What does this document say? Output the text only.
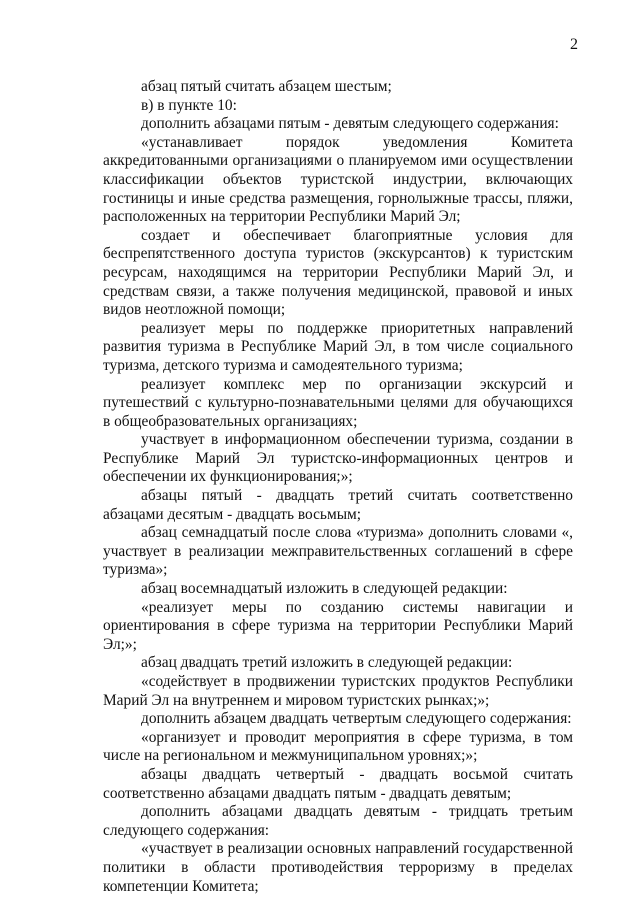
2

абзац пятый считать абзацем шестым;

в) в пункте 10:

дополнить абзацами пятым - девятым следующего содержания:

«устанавливает порядок уведомления Комитета аккредитованными организациями о планируемом ими осуществлении классификации объектов туристской индустрии, включающих гостиницы и иные средства размещения, горнолыжные трассы, пляжи, расположенных на территории Республики Марий Эл;

создает и обеспечивает благоприятные условия для беспрепятственного доступа туристов (экскурсантов) к туристским ресурсам, находящимся на территории Республики Марий Эл, и средствам связи, а также получения медицинской, правовой и иных видов неотложной помощи;

реализует меры по поддержке приоритетных направлений развития туризма в Республике Марий Эл, в том числе социального туризма, детского туризма и самодеятельного туризма;

реализует комплекс мер по организации экскурсий и путешествий с культурно-познавательными целями для обучающихся в общеобразовательных организациях;

участвует в информационном обеспечении туризма, создании в Республике Марий Эл туристско-информационных центров и обеспечении их функционирования;»;

абзацы пятый - двадцать третий считать соответственно абзацами десятым - двадцать восьмым;

абзац семнадцатый после слова «туризма» дополнить словами «, участвует в реализации межправительственных соглашений в сфере туризма»;

абзац восемнадцатый изложить в следующей редакции:

«реализует меры по созданию системы навигации и ориентирования в сфере туризма на территории Республики Марий Эл;»;

абзац двадцать третий изложить в следующей редакции:

«содействует в продвижении туристских продуктов Республики Марий Эл на внутреннем и мировом туристских рынках;»;

дополнить абзацем двадцать четвертым следующего содержания:

«организует и проводит мероприятия в сфере туризма, в том числе на региональном и межмуниципальном уровнях;»;

абзацы двадцать четвертый - двадцать восьмой считать соответственно абзацами двадцать пятым - двадцать девятым;

дополнить абзацами двадцать девятым - тридцать третьим следующего содержания:

«участвует в реализации основных направлений государственной политики в области противодействия терроризму в пределах компетенции Комитета;
